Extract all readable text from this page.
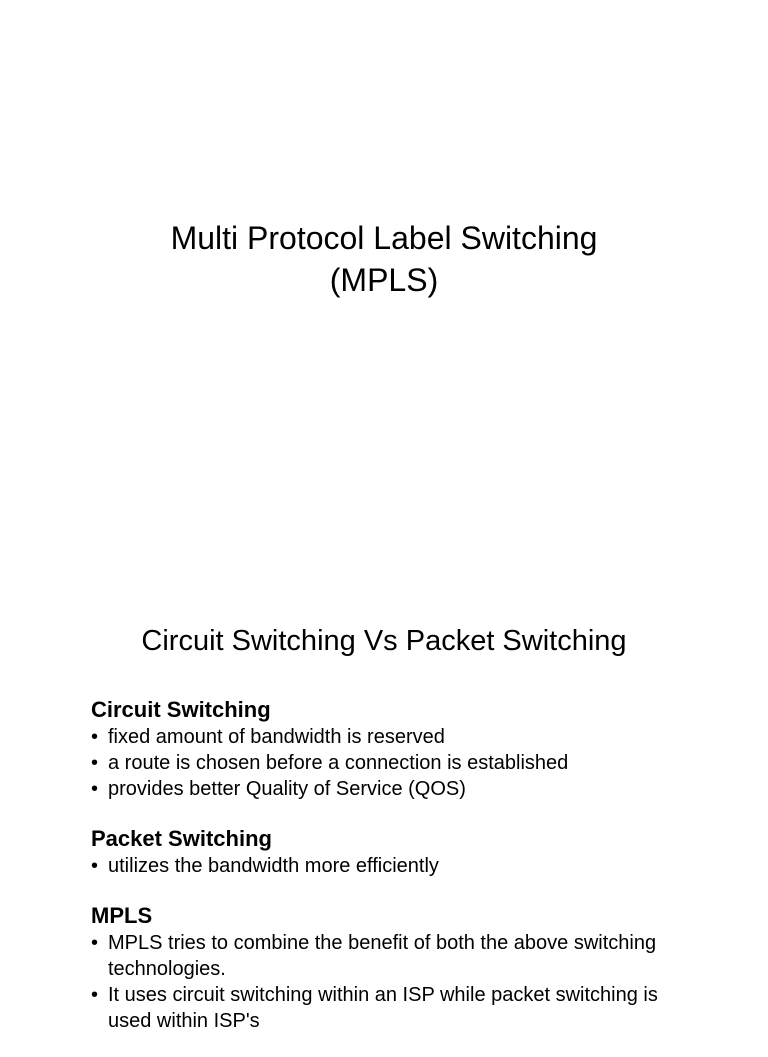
Multi Protocol Label Switching
(MPLS)
Circuit Switching Vs Packet Switching
Circuit Switching
• fixed amount of bandwidth is reserved
• a route is chosen before a connection is established
• provides better Quality of Service (QOS)
Packet Switching
• utilizes the bandwidth more efficiently
MPLS
• MPLS tries to combine the benefit of both the above switching technologies.
• It uses circuit switching within an ISP while packet switching is used within ISP's
